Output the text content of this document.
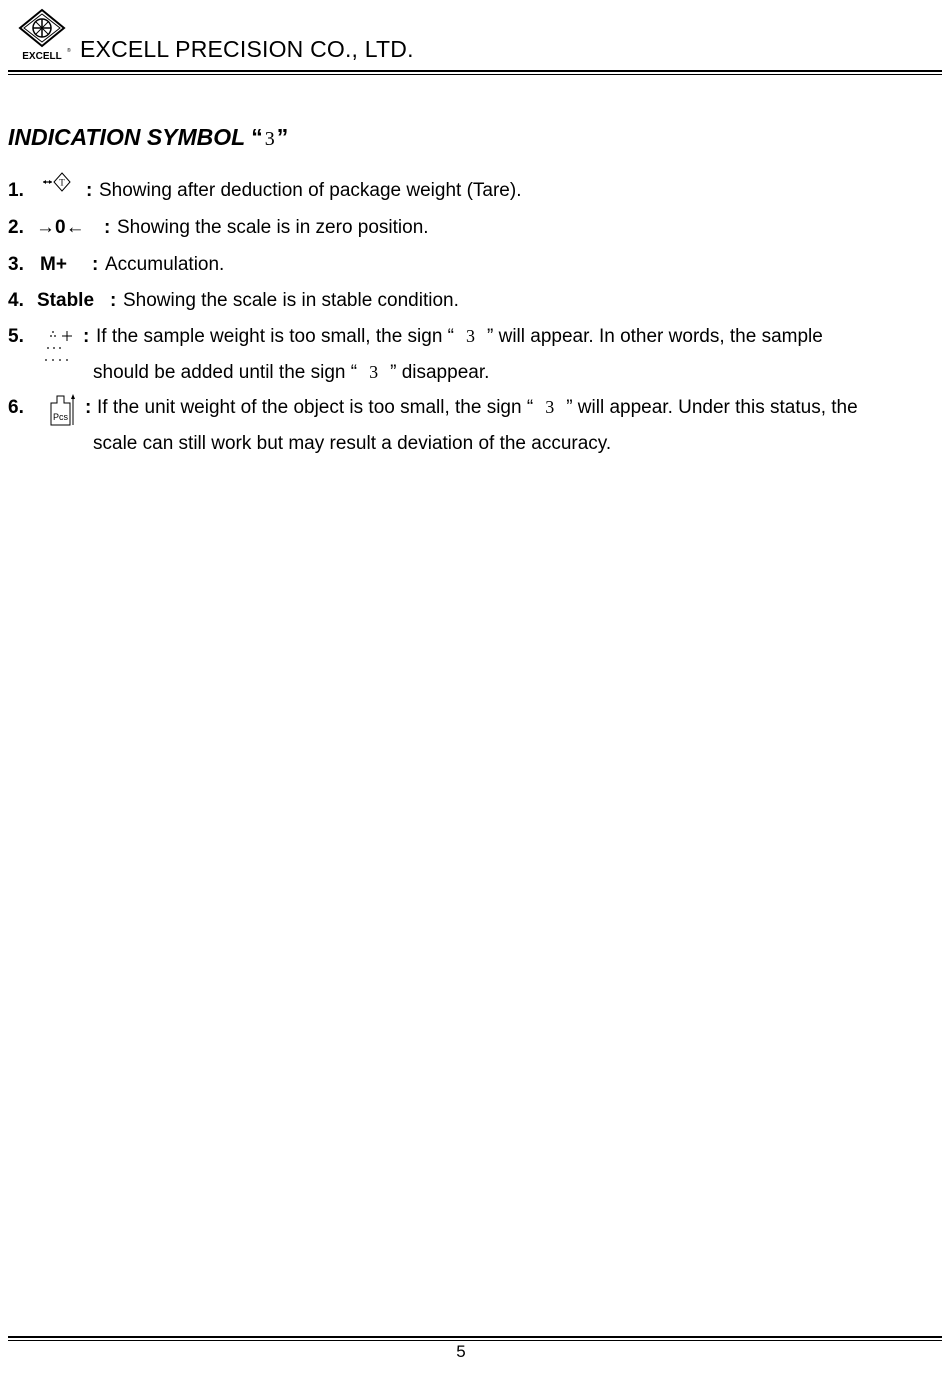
EXCELL ® EXCELL PRECISION CO., LTD.
INDICATION SYMBOL “ 3”
1.	T : Showing after deduction of package weight (Tare).
2. →0← : Showing the scale is in zero position.
3. M+ : Accumulation.
4. Stable : Showing the scale is in stable condition.
5.	: If the sample weight is too small, the sign “ 3 ” will appear. In other words, the sample
should be added until the sign “ 3 ” disappear.
6.	Pcs : If the unit weight of the object is too small, the sign “ 3 ” will appear. Under this status, the
scale can still work but may result a deviation of the accuracy.
5
